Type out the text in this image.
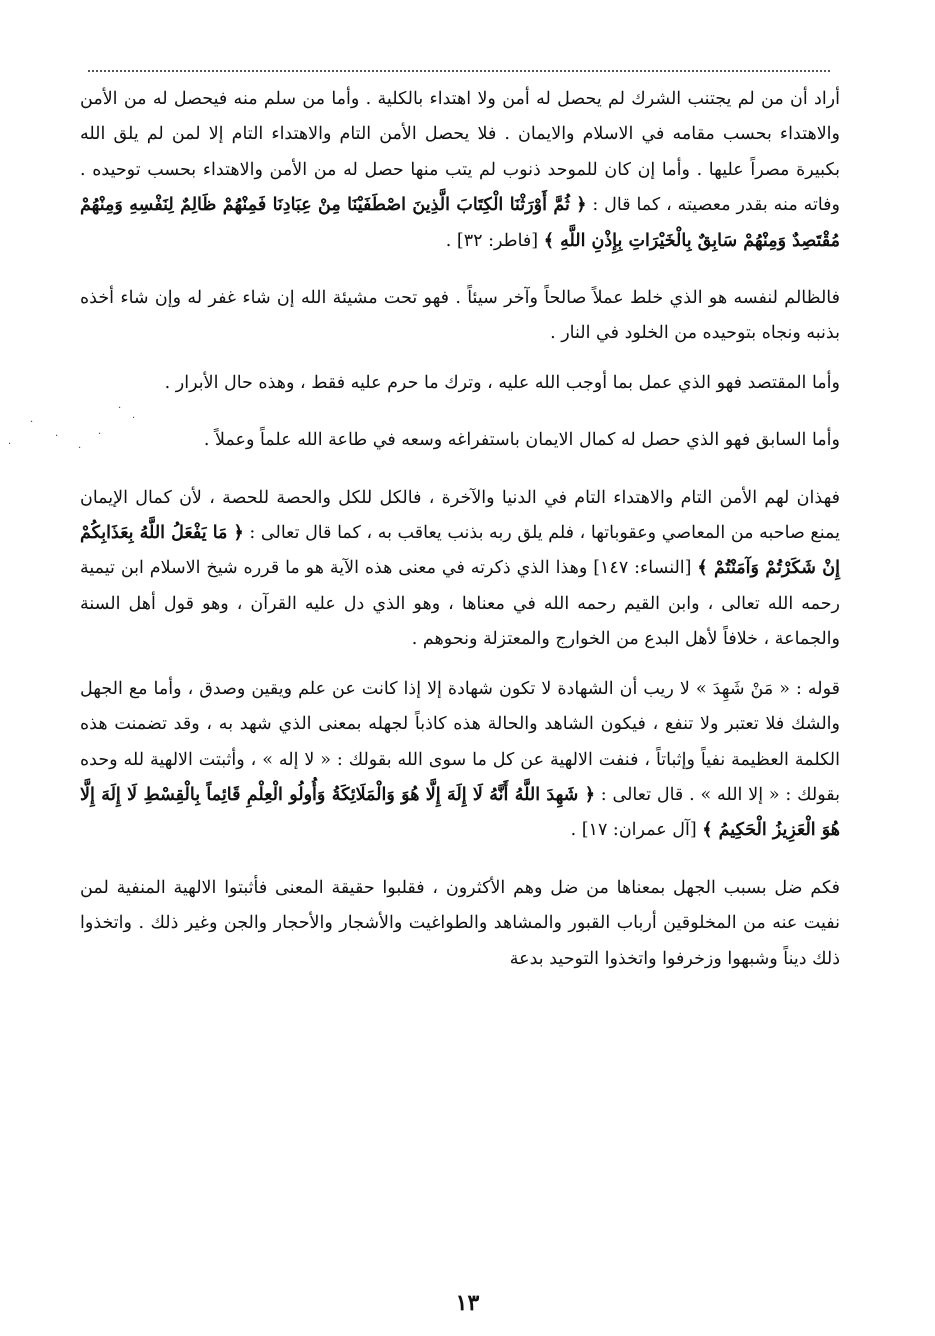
أراد أن من لم يجتنب الشرك لم يحصل له أمن ولا اهتداء بالكلية . وأما من سلم منه فيحصل له من الأمن والاهتداء بحسب مقامه في الاسلام والايمان . فلا يحصل الأمن التام والاهتداء التام إلا لمن لم يلق الله بكبيرة مصراً عليها . وأما إن كان للموحد ذنوب لم يتب منها حصل له من الأمن والاهتداء بحسب توحيده . وفاته منه بقدر معصيته ، كما قال : ﴿ ثُمَّ أَوْرَثْنَا الْكِتَابَ الَّذِينَ اصْطَفَيْنَا مِنْ عِبَادِنَا فَمِنْهُمْ ظَالِمٌ لِنَفْسِهِ وَمِنْهُمْ مُقْتَصِدٌ وَمِنْهُمْ سَابِقٌ بِالْخَيْرَاتِ بِإِذْنِ اللَّهِ ﴾ [فاطر: ٣٢] .

فالظالم لنفسه هو الذي خلط عملاً صالحاً وآخر سيئاً . فهو تحت مشيئة الله إن شاء غفر له وإن شاء أخذه بذنبه ونجاه بتوحيده من الخلود في النار .

وأما المقتصد فهو الذي عمل بما أوجب الله عليه ، وترك ما حرم عليه فقط ، وهذه حال الأبرار .

وأما السابق فهو الذي حصل له كمال الايمان باستفراغه وسعه في طاعة الله علماً وعملاً .

فهذان لهم الأمن التام والاهتداء التام في الدنيا والآخرة ، فالكل للكل والحصة للحصة ، لأن كمال الإيمان يمنع صاحبه من المعاصي وعقوباتها ، فلم يلق ربه بذنب يعاقب به ، كما قال تعالى : ﴿ مَا يَفْعَلُ اللَّهُ بِعَذَابِكُمْ إِنْ شَكَرْتُمْ وَآمَنْتُمْ ﴾ [النساء: ١٤٧] وهذا الذي ذكرته في معنى هذه الآية هو ما قرره شيخ الاسلام ابن تيمية رحمه الله تعالى ، وابن القيم رحمه الله في معناها ، وهو الذي دل عليه القرآن ، وهو قول أهل السنة والجماعة ، خلافاً لأهل البدع من الخوارج والمعتزلة ونحوهم .

قوله : « مَنْ شَهِدَ » لا ريب أن الشهادة لا تكون شهادة إلا إذا كانت عن علم ويقين وصدق ، وأما مع الجهل والشك فلا تعتبر ولا تنفع ، فيكون الشاهد والحالة هذه كاذباً لجهله بمعنى الذي شهد به ، وقد تضمنت هذه الكلمة العظيمة نفياً وإثباتاً ، فنفت الالهية عن كل ما سوى الله بقولك : « لا إله » ، وأثبتت الالهية لله وحده بقولك : « إلا الله » . قال تعالى : ﴿ شَهِدَ اللَّهُ أَنَّهُ لَا إِلَهَ إِلَّا هُوَ وَالْمَلَائِكَةُ وَأُولُو الْعِلْمِ قَائِماً بِالْقِسْطِ لَا إِلَهَ إِلَّا هُوَ الْعَزِيزُ الْحَكِيمُ ﴾ [آل عمران: ١٧] .

فكم ضل بسبب الجهل بمعناها من ضل وهم الأكثرون ، فقلبوا حقيقة المعنى فأثبتوا الالهية المنفية لمن نفيت عنه من المخلوقين أرباب القبور والمشاهد والطواغيت والأشجار والأحجار والجن وغير ذلك . واتخذوا ذلك ديناً وشبهوا وزخرفوا واتخذوا التوحيد بدعة

·
·
·
·
·
·
·
١٣
